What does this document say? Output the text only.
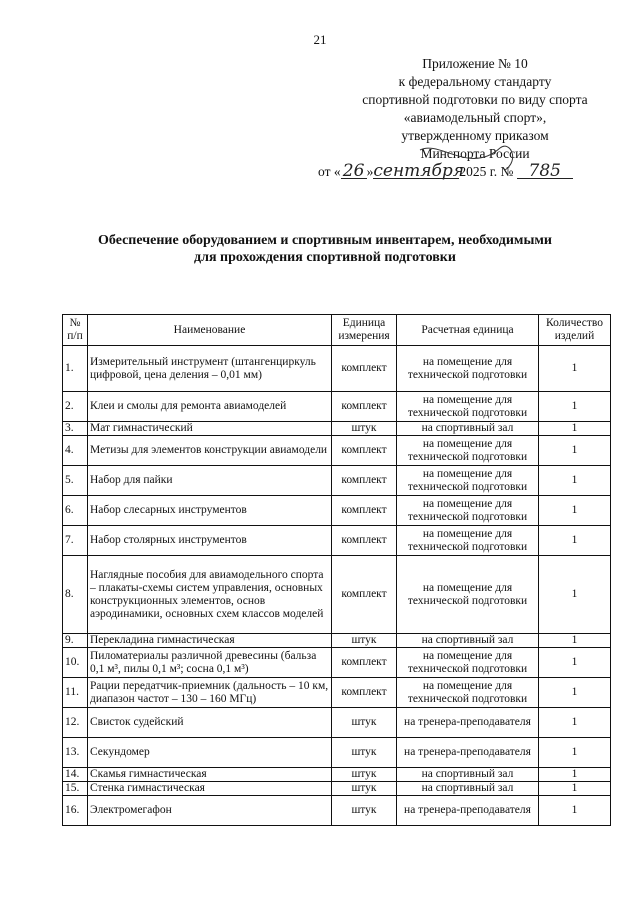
21
Приложение № 10
к федеральному стандарту
спортивной подготовки по виду спорта
«авиамодельный спорт»,
утвержденному приказом
Минспорта России
от « 26 »сентября2025 г. № 785
Обеспечение оборудованием и спортивным инвентарем, необходимыми
для прохождения спортивной подготовки
№
п/п	Наименование	Единица измерения	Расчетная единица	Количество изделий
1.	Измерительный инструмент (штангенциркуль цифровой, цена деления – 0,01 мм)	комплект	на помещение для технической подготовки	1
2.	Клеи и смолы для ремонта авиамоделей	комплект	на помещение для технической подготовки	1
3.	Мат гимнастический	штук	на спортивный зал	1
4.	Метизы для элементов конструкции авиамодели	комплект	на помещение для технической подготовки	1
5.	Набор для пайки	комплект	на помещение для технической подготовки	1
6.	Набор слесарных инструментов	комплект	на помещение для технической подготовки	1
7.	Набор столярных инструментов	комплект	на помещение для технической подготовки	1
8.	Наглядные пособия для авиамодельного спорта – плакаты-схемы систем управления, основных конструкционных элементов, основ аэродинамики, основных схем классов моделей	комплект	на помещение для технической подготовки	1
9.	Перекладина гимнастическая	штук	на спортивный зал	1
10.	Пиломатериалы различной древесины (бальза 0,1 м³, пилы 0,1 м³; сосна 0,1 м³)	комплект	на помещение для технической подготовки	1
11.	Рации передатчик-приемник (дальность – 10 км, диапазон частот – 130 – 160 МГц)	комплект	на помещение для технической подготовки	1
12.	Свисток судейский	штук	на тренера-преподавателя	1
13.	Секундомер	штук	на тренера-преподавателя	1
14.	Скамья гимнастическая	штук	на спортивный зал	1
15.	Стенка гимнастическая	штук	на спортивный зал	1
16.	Электромегафон	штук	на тренера-преподавателя	1
